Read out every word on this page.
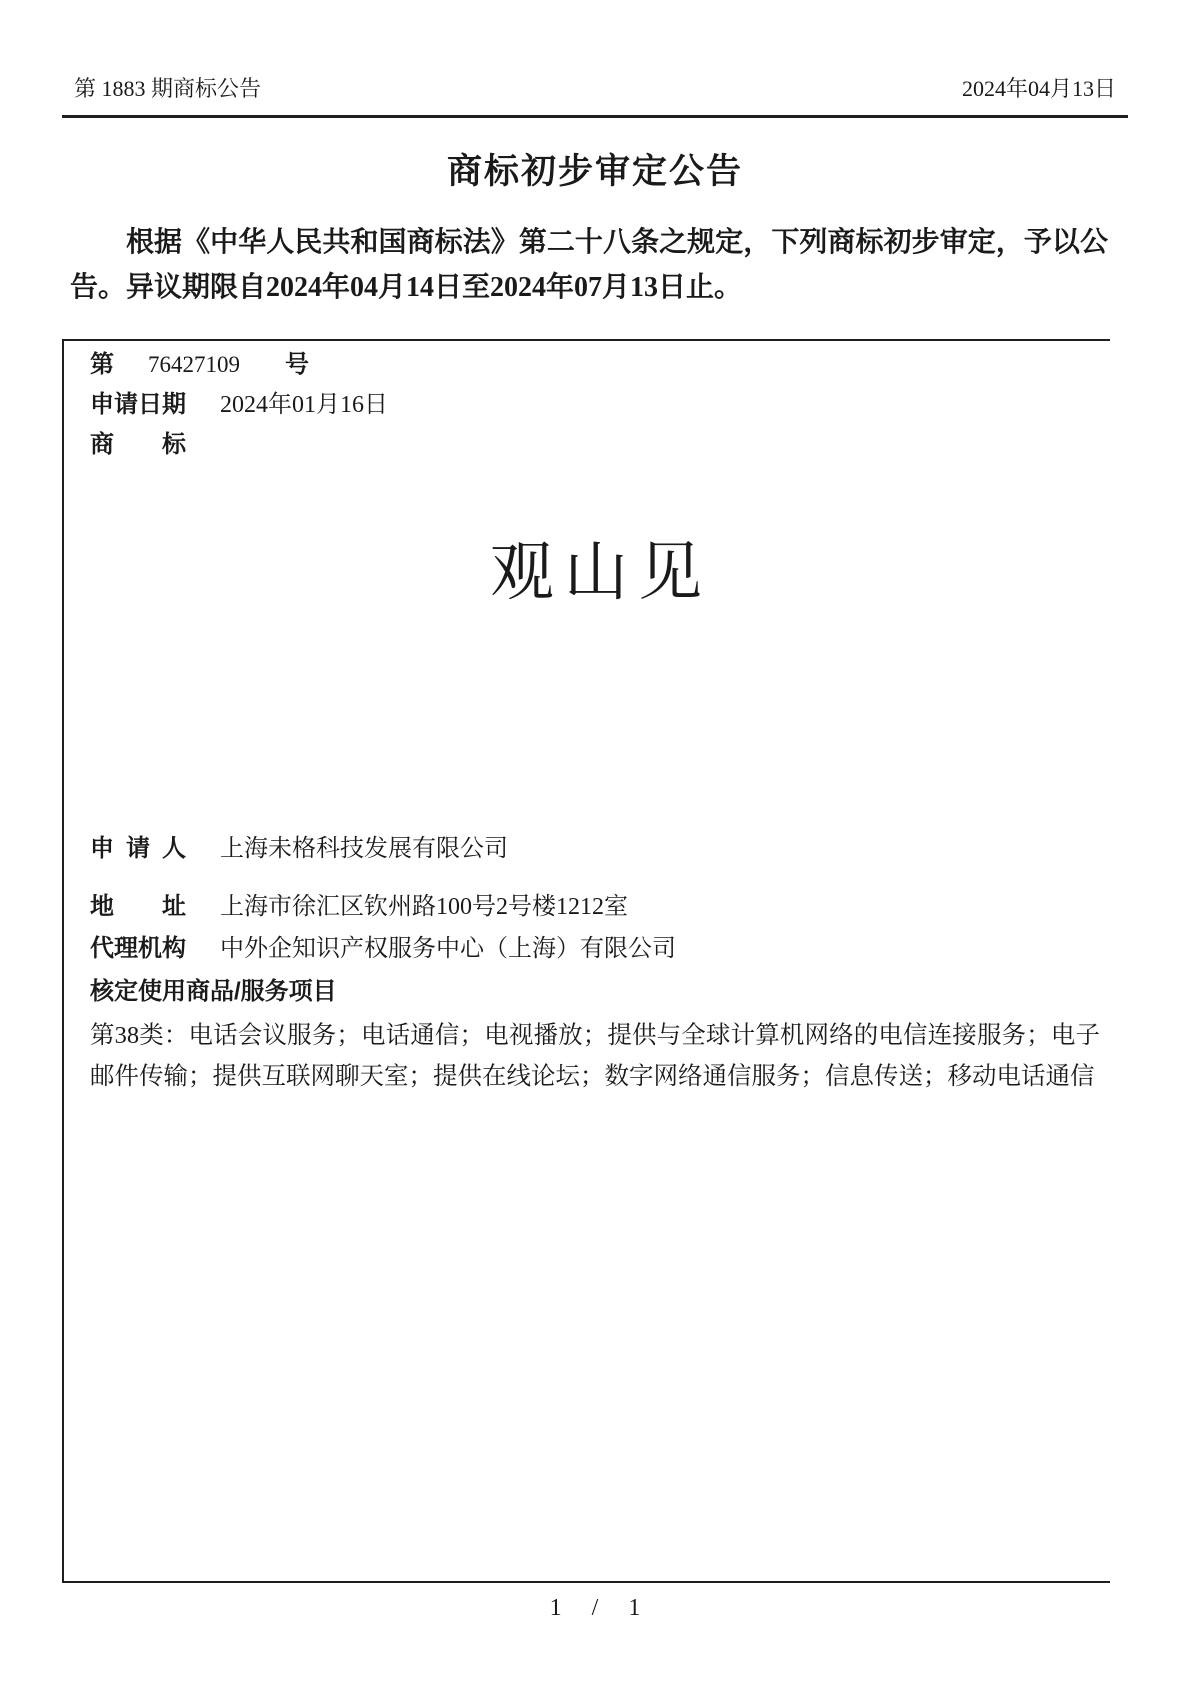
第 1883 期商标公告	2024年04月13日
商标初步审定公告

根据《中华人民共和国商标法》第二十八条之规定，下列商标初步审定，予以公告。异议期限自2024年04月14日至2024年07月13日止。

第 76427109	号
申请日期 2024年01月16日
商标
观山见
申请人 上海未格科技发展有限公司
地址 上海市徐汇区钦州路100号2号楼1212室
代理机构	中外企知识产权服务中心（上海）有限公司
核定使用商品/服务项目

第38类：电话会议服务；电话通信；电视播放；提供与全球计算机网络的电信连接服务；电子邮件传输；提供互联网聊天室；提供在线论坛；数字网络通信服务；信息传送；移动电话通信

1 / 1
